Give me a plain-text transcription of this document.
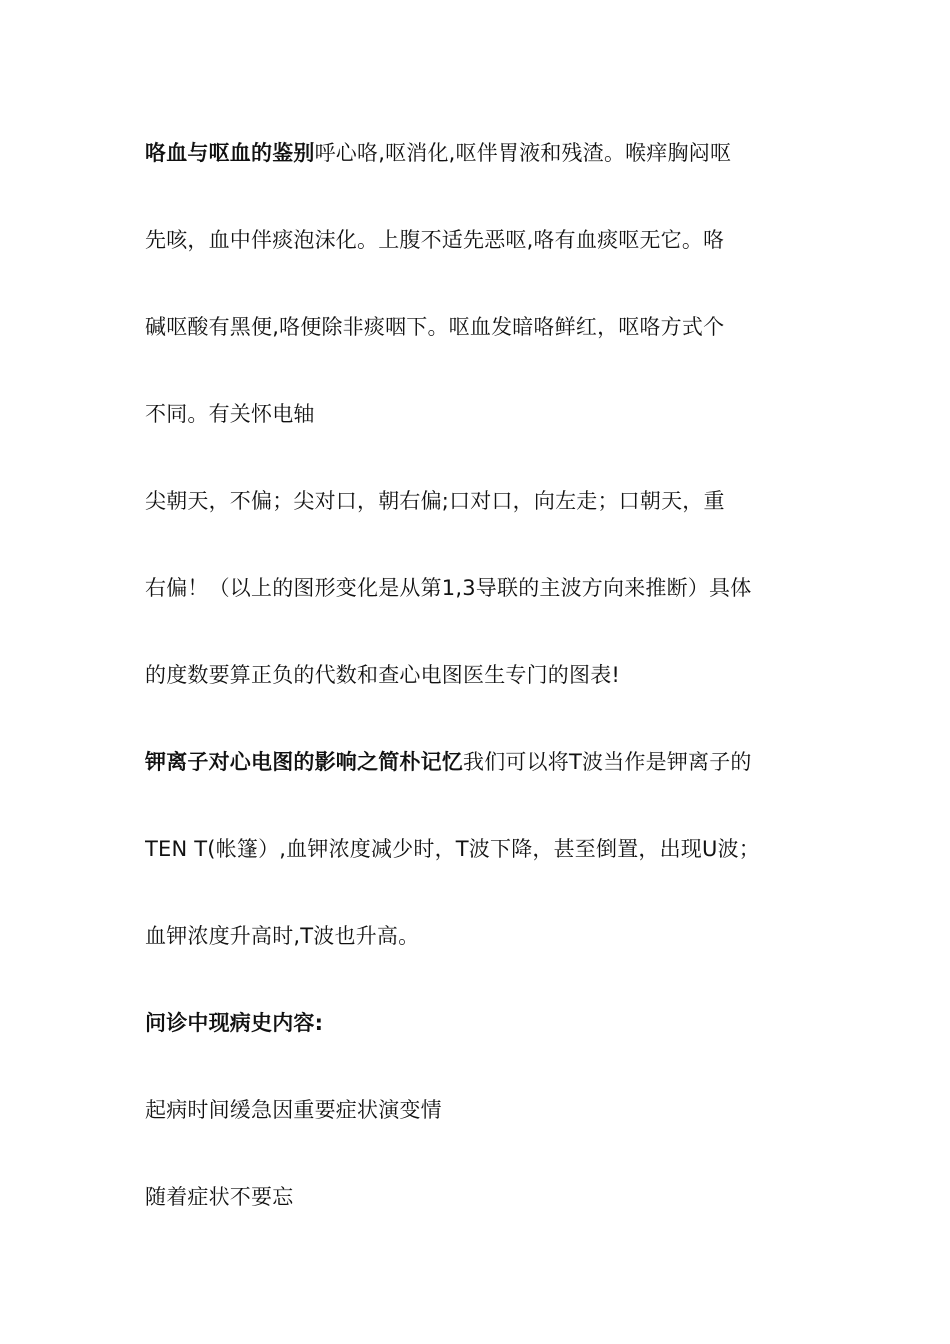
咯血与呕血的鉴别呼心咯,呕消化,呕伴胃液和残渣。喉痒胸闷呕
先咳，血中伴痰泡沫化。上腹不适先恶呕,咯有血痰呕无它。咯
碱呕酸有黑便,咯便除非痰咽下。呕血发暗咯鲜红，呕咯方式个
不同。有关怀电轴
尖朝天，不偏；尖对口，朝右偏;口对口，向左走；口朝天，重
右偏！（以上的图形变化是从第1,3导联的主波方向来推断）具体
的度数要算正负的代数和查心电图医生专门的图表!
钾离子对心电图的影响之简朴记忆我们可以将T波当作是钾离子的
TEN T(帐篷）,血钾浓度减少时，T波下降，甚至倒置，出现U波；
血钾浓度升高时,T波也升高。
问诊中现病史内容:
起病时间缓急因重要症状演变情
随着症状不要忘
